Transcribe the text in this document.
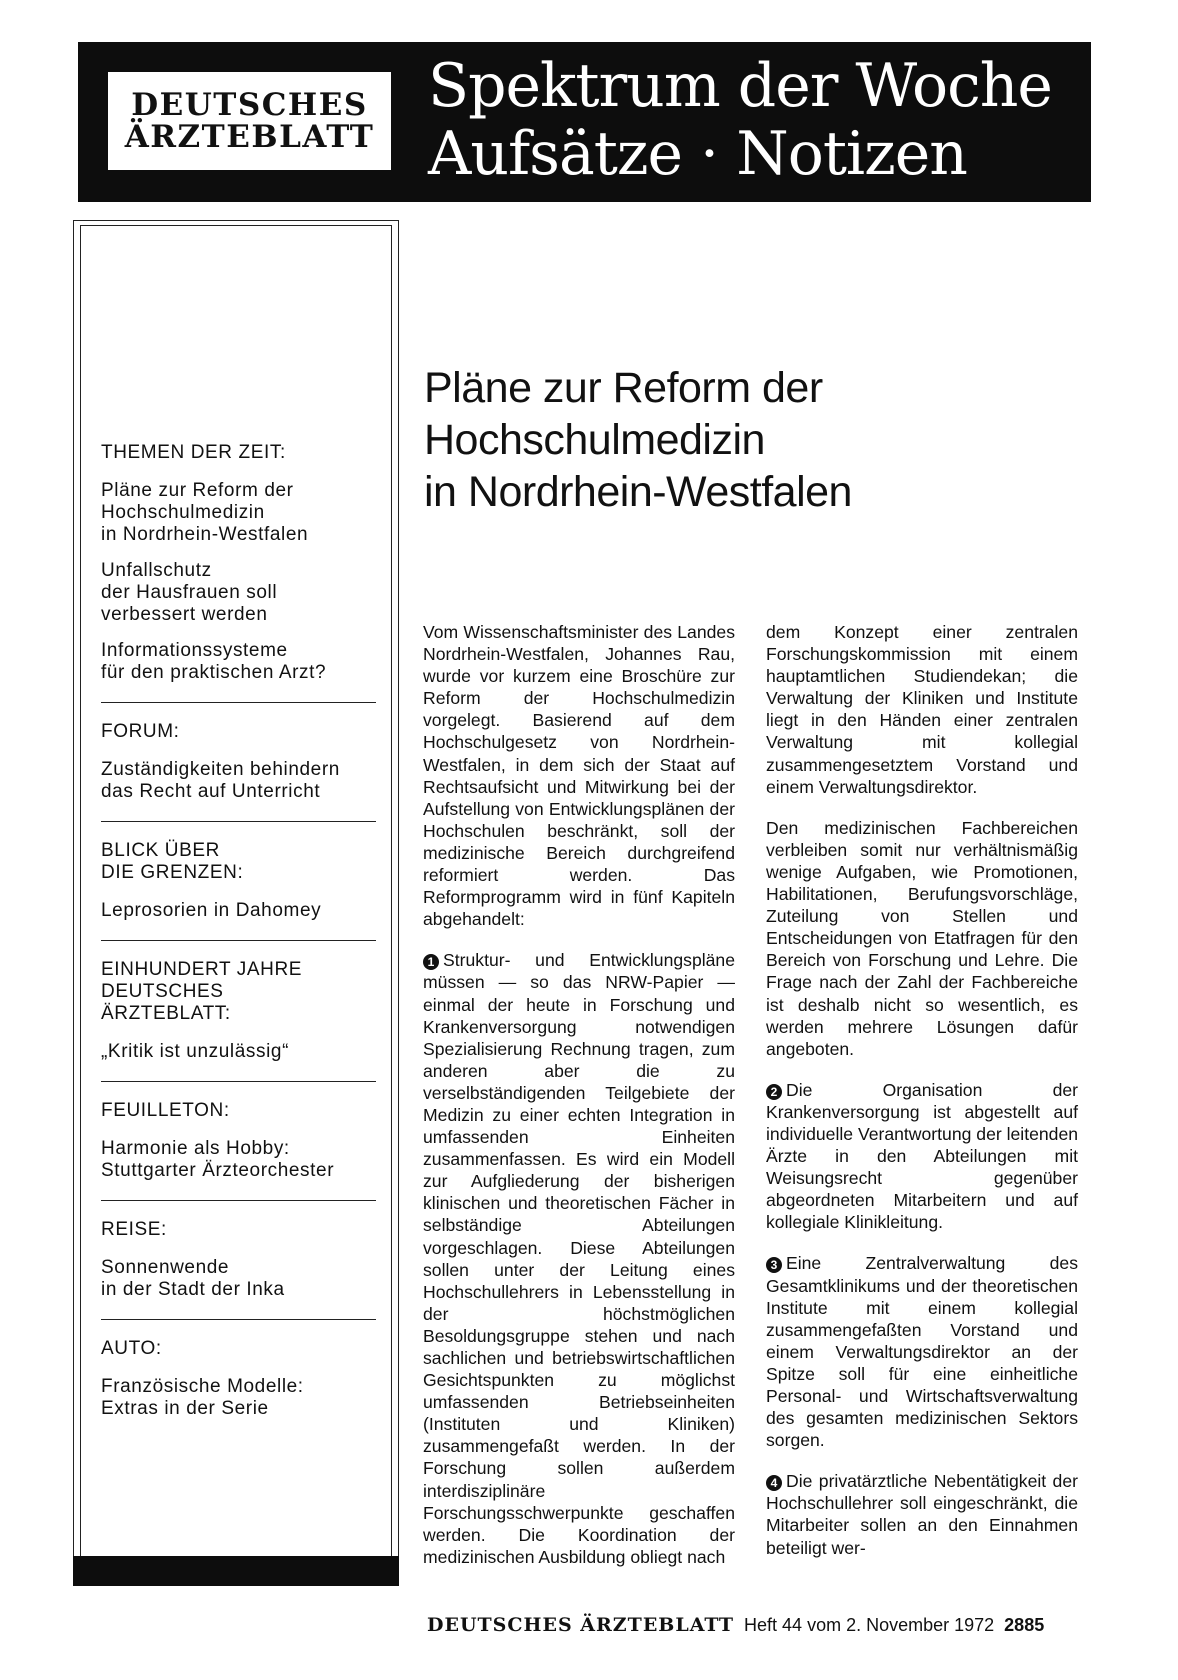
DEUTSCHES
ÄRZTEBLATT
Spektrum der Woche
Aufsätze · Notizen
THEMEN DER ZEIT:
Pläne zur Reform der
Hochschulmedizin
in Nordrhein-Westfalen
Unfallschutz
der Hausfrauen soll
verbessert werden
Informationssysteme
für den praktischen Arzt?
FORUM:
Zuständigkeiten behindern
das Recht auf Unterricht
BLICK ÜBER
DIE GRENZEN:
Leprosorien in Dahomey
EINHUNDERT JAHRE
DEUTSCHES
ÄRZTEBLATT:
„Kritik ist unzulässig“
FEUILLETON:
Harmonie als Hobby:
Stuttgarter Ärzteorchester
REISE:
Sonnenwende
in der Stadt der Inka
AUTO:
Französische Modelle:
Extras in der Serie
Pläne zur Reform der
Hochschulmedizin
in Nordrhein-Westfalen

Vom Wissenschaftsminister des Landes Nordrhein-Westfalen, Johannes Rau, wurde vor kurzem eine Broschüre zur Reform der Hochschulmedizin vorgelegt. Basierend auf dem Hochschulgesetz von Nordrhein-Westfalen, in dem sich der Staat auf Rechtsaufsicht und Mitwirkung bei der Aufstellung von Entwicklungsplänen der Hochschulen beschränkt, soll der medizinische Bereich durchgreifend reformiert werden. Das Reformprogramm wird in fünf Kapiteln abgehandelt:

1 Struktur- und Entwicklungspläne müssen — so das NRW-Papier — einmal der heute in Forschung und Krankenversorgung notwendigen Spezialisierung Rechnung tragen, zum anderen aber die zu verselbständigenden Teilgebiete der Medizin zu einer echten Integration in umfassenden Einheiten zusammenfassen. Es wird ein Modell zur Aufgliederung der bisherigen klinischen und theoretischen Fächer in selbständige Abteilungen vorgeschlagen. Diese Abteilungen sollen unter der Leitung eines Hochschullehrers in Lebensstellung in der höchstmöglichen Besoldungsgruppe stehen und nach sachlichen und betriebswirtschaftlichen Gesichtspunkten zu möglichst umfassenden Betriebseinheiten (Instituten und Kliniken) zusammengefaßt werden. In der Forschung sollen außerdem interdisziplinäre Forschungsschwerpunkte geschaffen werden. Die Koordination der medizinischen Ausbildung obliegt nach

dem Konzept einer zentralen Forschungskommission mit einem hauptamtlichen Studiendekan; die Verwaltung der Kliniken und Institute liegt in den Händen einer zentralen Verwaltung mit kollegial zusammengesetztem Vorstand und einem Verwaltungsdirektor.

Den medizinischen Fachbereichen verbleiben somit nur verhältnismäßig wenige Aufgaben, wie Promotionen, Habilitationen, Berufungsvorschläge, Zuteilung von Stellen und Entscheidungen von Etatfragen für den Bereich von Forschung und Lehre. Die Frage nach der Zahl der Fachbereiche ist deshalb nicht so wesentlich, es werden mehrere Lösungen dafür angeboten.

2 Die Organisation der Krankenversorgung ist abgestellt auf individuelle Verantwortung der leitenden Ärzte in den Abteilungen mit Weisungsrecht gegenüber abgeordneten Mitarbeitern und auf kollegiale Klinikleitung.

3 Eine Zentralverwaltung des Gesamtklinikums und der theoretischen Institute mit einem kollegial zusammengefaßten Vorstand und einem Verwaltungsdirektor an der Spitze soll für eine einheitliche Personal- und Wirtschaftsverwaltung des gesamten medizinischen Sektors sorgen.

4 Die privatärztliche Nebentätigkeit der Hochschullehrer soll eingeschränkt, die Mitarbeiter sollen an den Einnahmen beteiligt wer-

DEUTSCHES ÄRZTEBLATT Heft 44 vom 2. November 1972 2885
